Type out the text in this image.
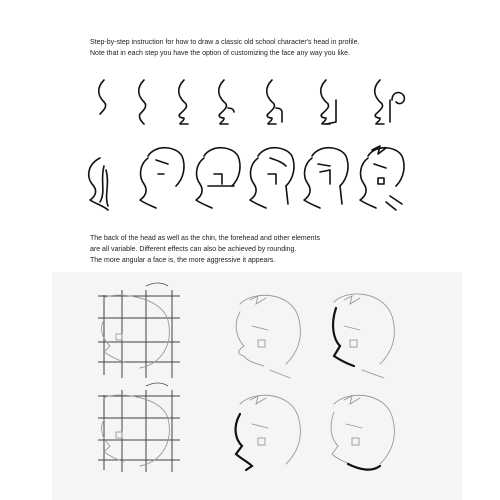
Step-by-step instruction for how to draw a classic old school character's head in profile.
Note that in each step you have the option of customizing the face any way you like.
The back of the head as well as the chin, the forehead and other elements
are all variable. Different effects can also be achieved by rounding.
The more angular a face is, the more aggressive it appears.
